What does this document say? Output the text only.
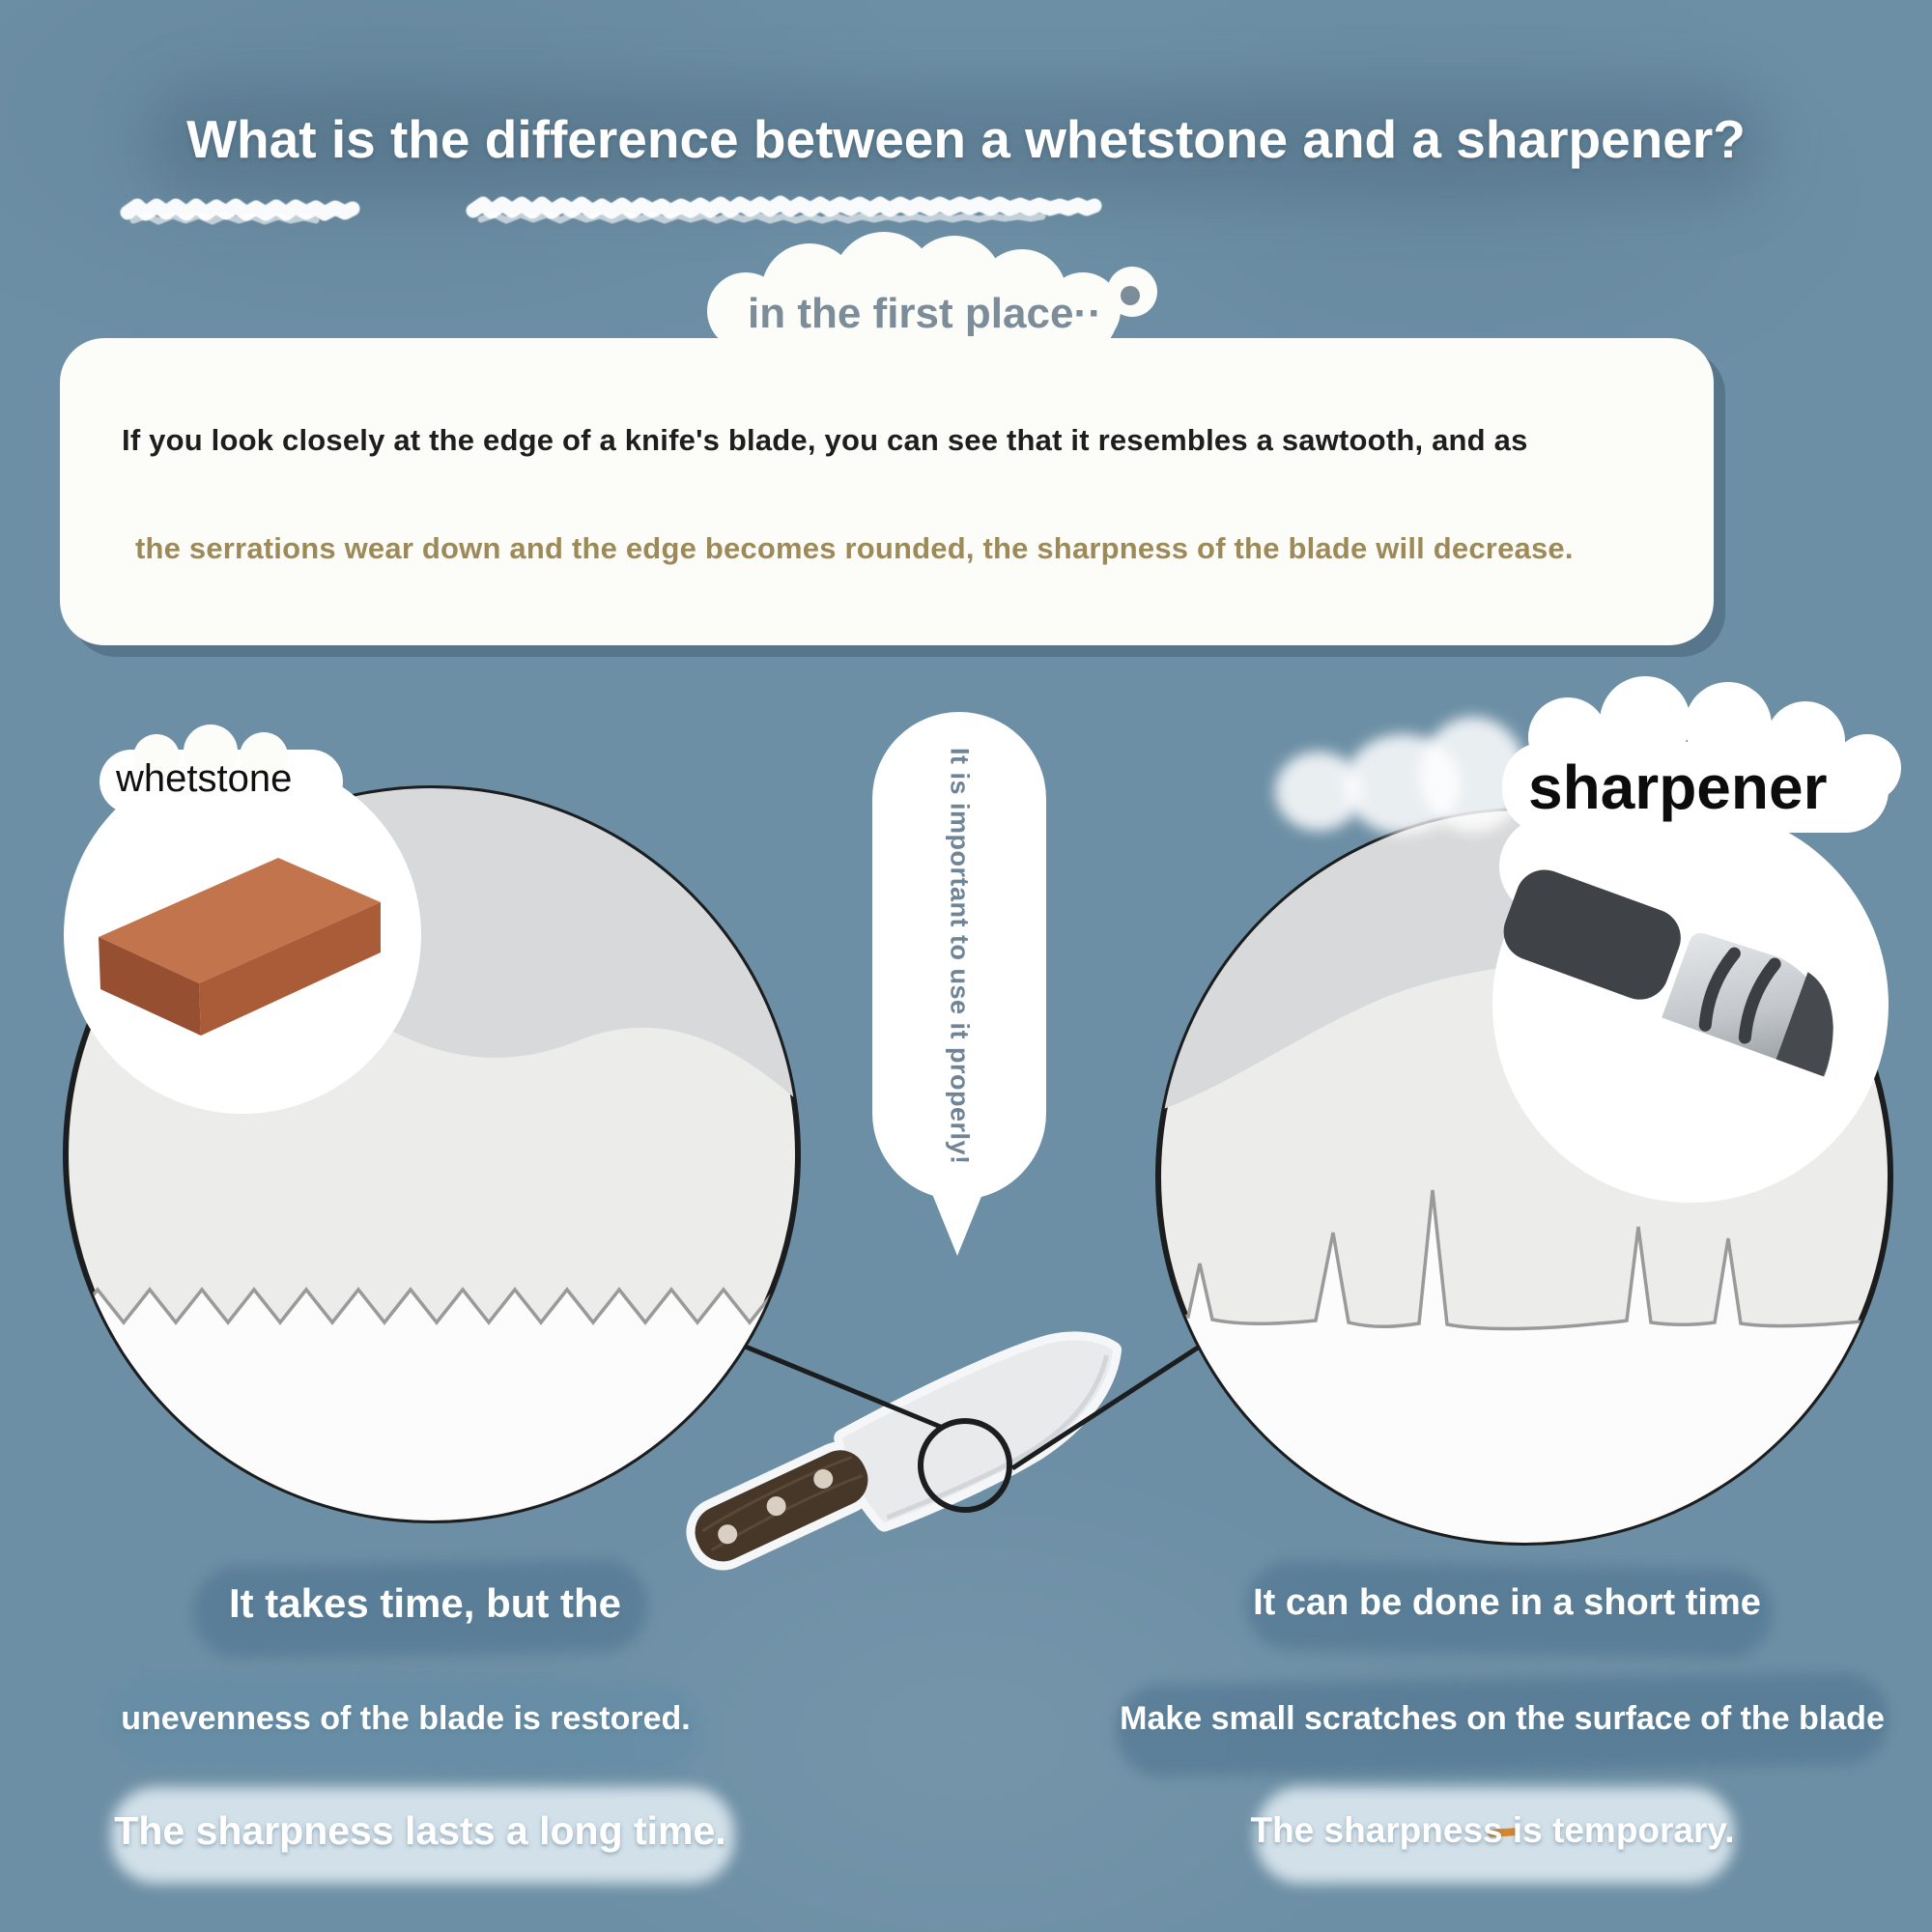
What is the difference between a whetstone and a sharpener?
If you look closely at the edge of a knife's blade, you can see that it resembles a sawtooth, and as
the serrations wear down and the edge becomes rounded, the sharpness of the blade will decrease.
in the first place··
whetstone	sharpener
It is important to use it properly!
It takes time, but the
unevenness of the blade is restored.
The sharpness lasts a long time.
It can be done in a short time
Make small scratches on the surface of the blade
The sharpness is temporary.
